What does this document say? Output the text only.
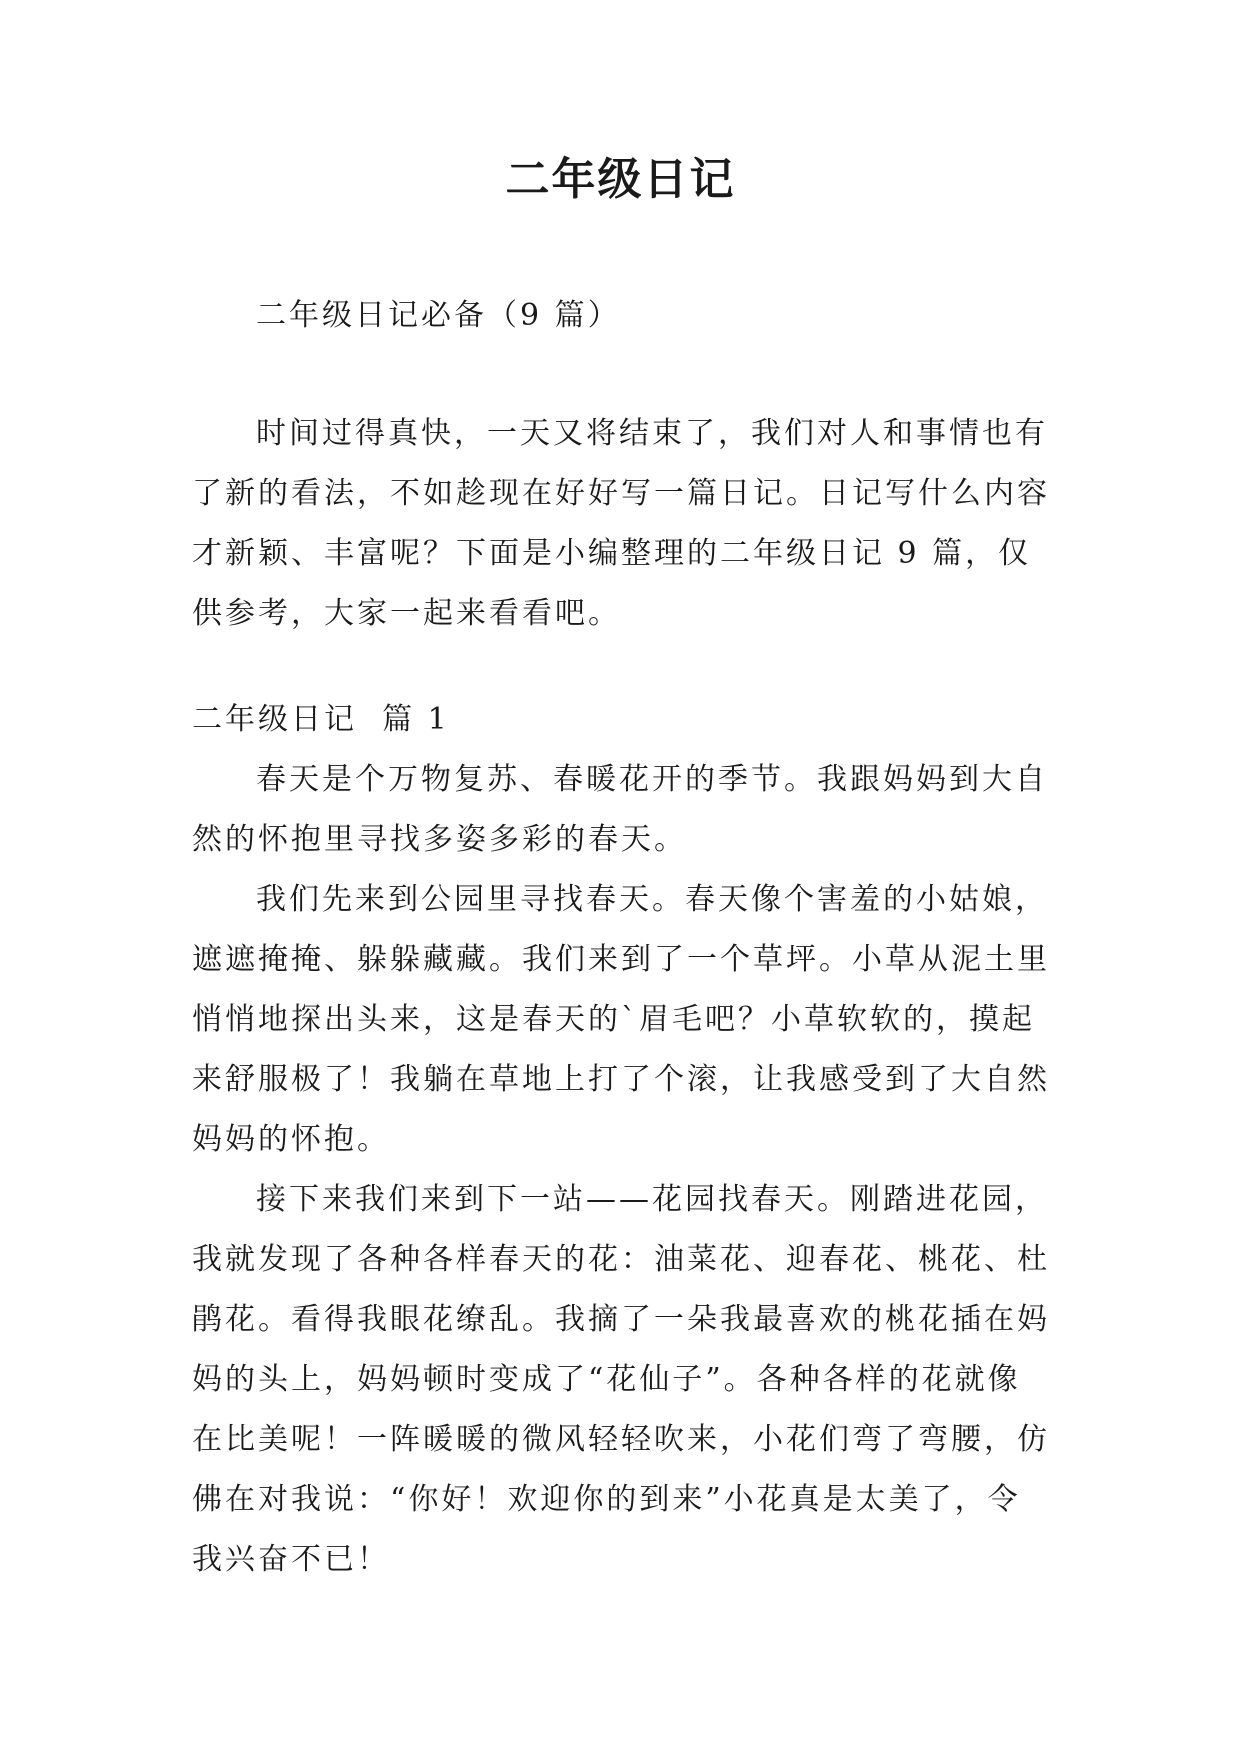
二年级日记
二年级日记必备（9 篇）
时间过得真快，一天又将结束了，我们对人和事情也有了新的看法，不如趁现在好好写一篇日记。日记写什么内容才新颖、丰富呢？下面是小编整理的二年级日记 9 篇，仅供参考，大家一起来看看吧。
二年级日记  篇 1

春天是个万物复苏、春暖花开的季节。我跟妈妈到大自然的怀抱里寻找多姿多彩的春天。

我们先来到公园里寻找春天。春天像个害羞的小姑娘，遮遮掩掩、躲躲藏藏。我们来到了一个草坪。小草从泥土里悄悄地探出头来，这是春天的`眉毛吧？小草软软的，摸起来舒服极了！我躺在草地上打了个滚，让我感受到了大自然妈妈的怀抱。

接下来我们来到下一站——花园找春天。刚踏进花园，我就发现了各种各样春天的花：油菜花、迎春花、桃花、杜鹃花。看得我眼花缭乱。我摘了一朵我最喜欢的桃花插在妈妈的头上，妈妈顿时变成了“花仙子”。各种各样的花就像在比美呢！一阵暖暖的微风轻轻吹来，小花们弯了弯腰，仿佛在对我说：“你好！欢迎你的到来”小花真是太美了，令我兴奋不已！
